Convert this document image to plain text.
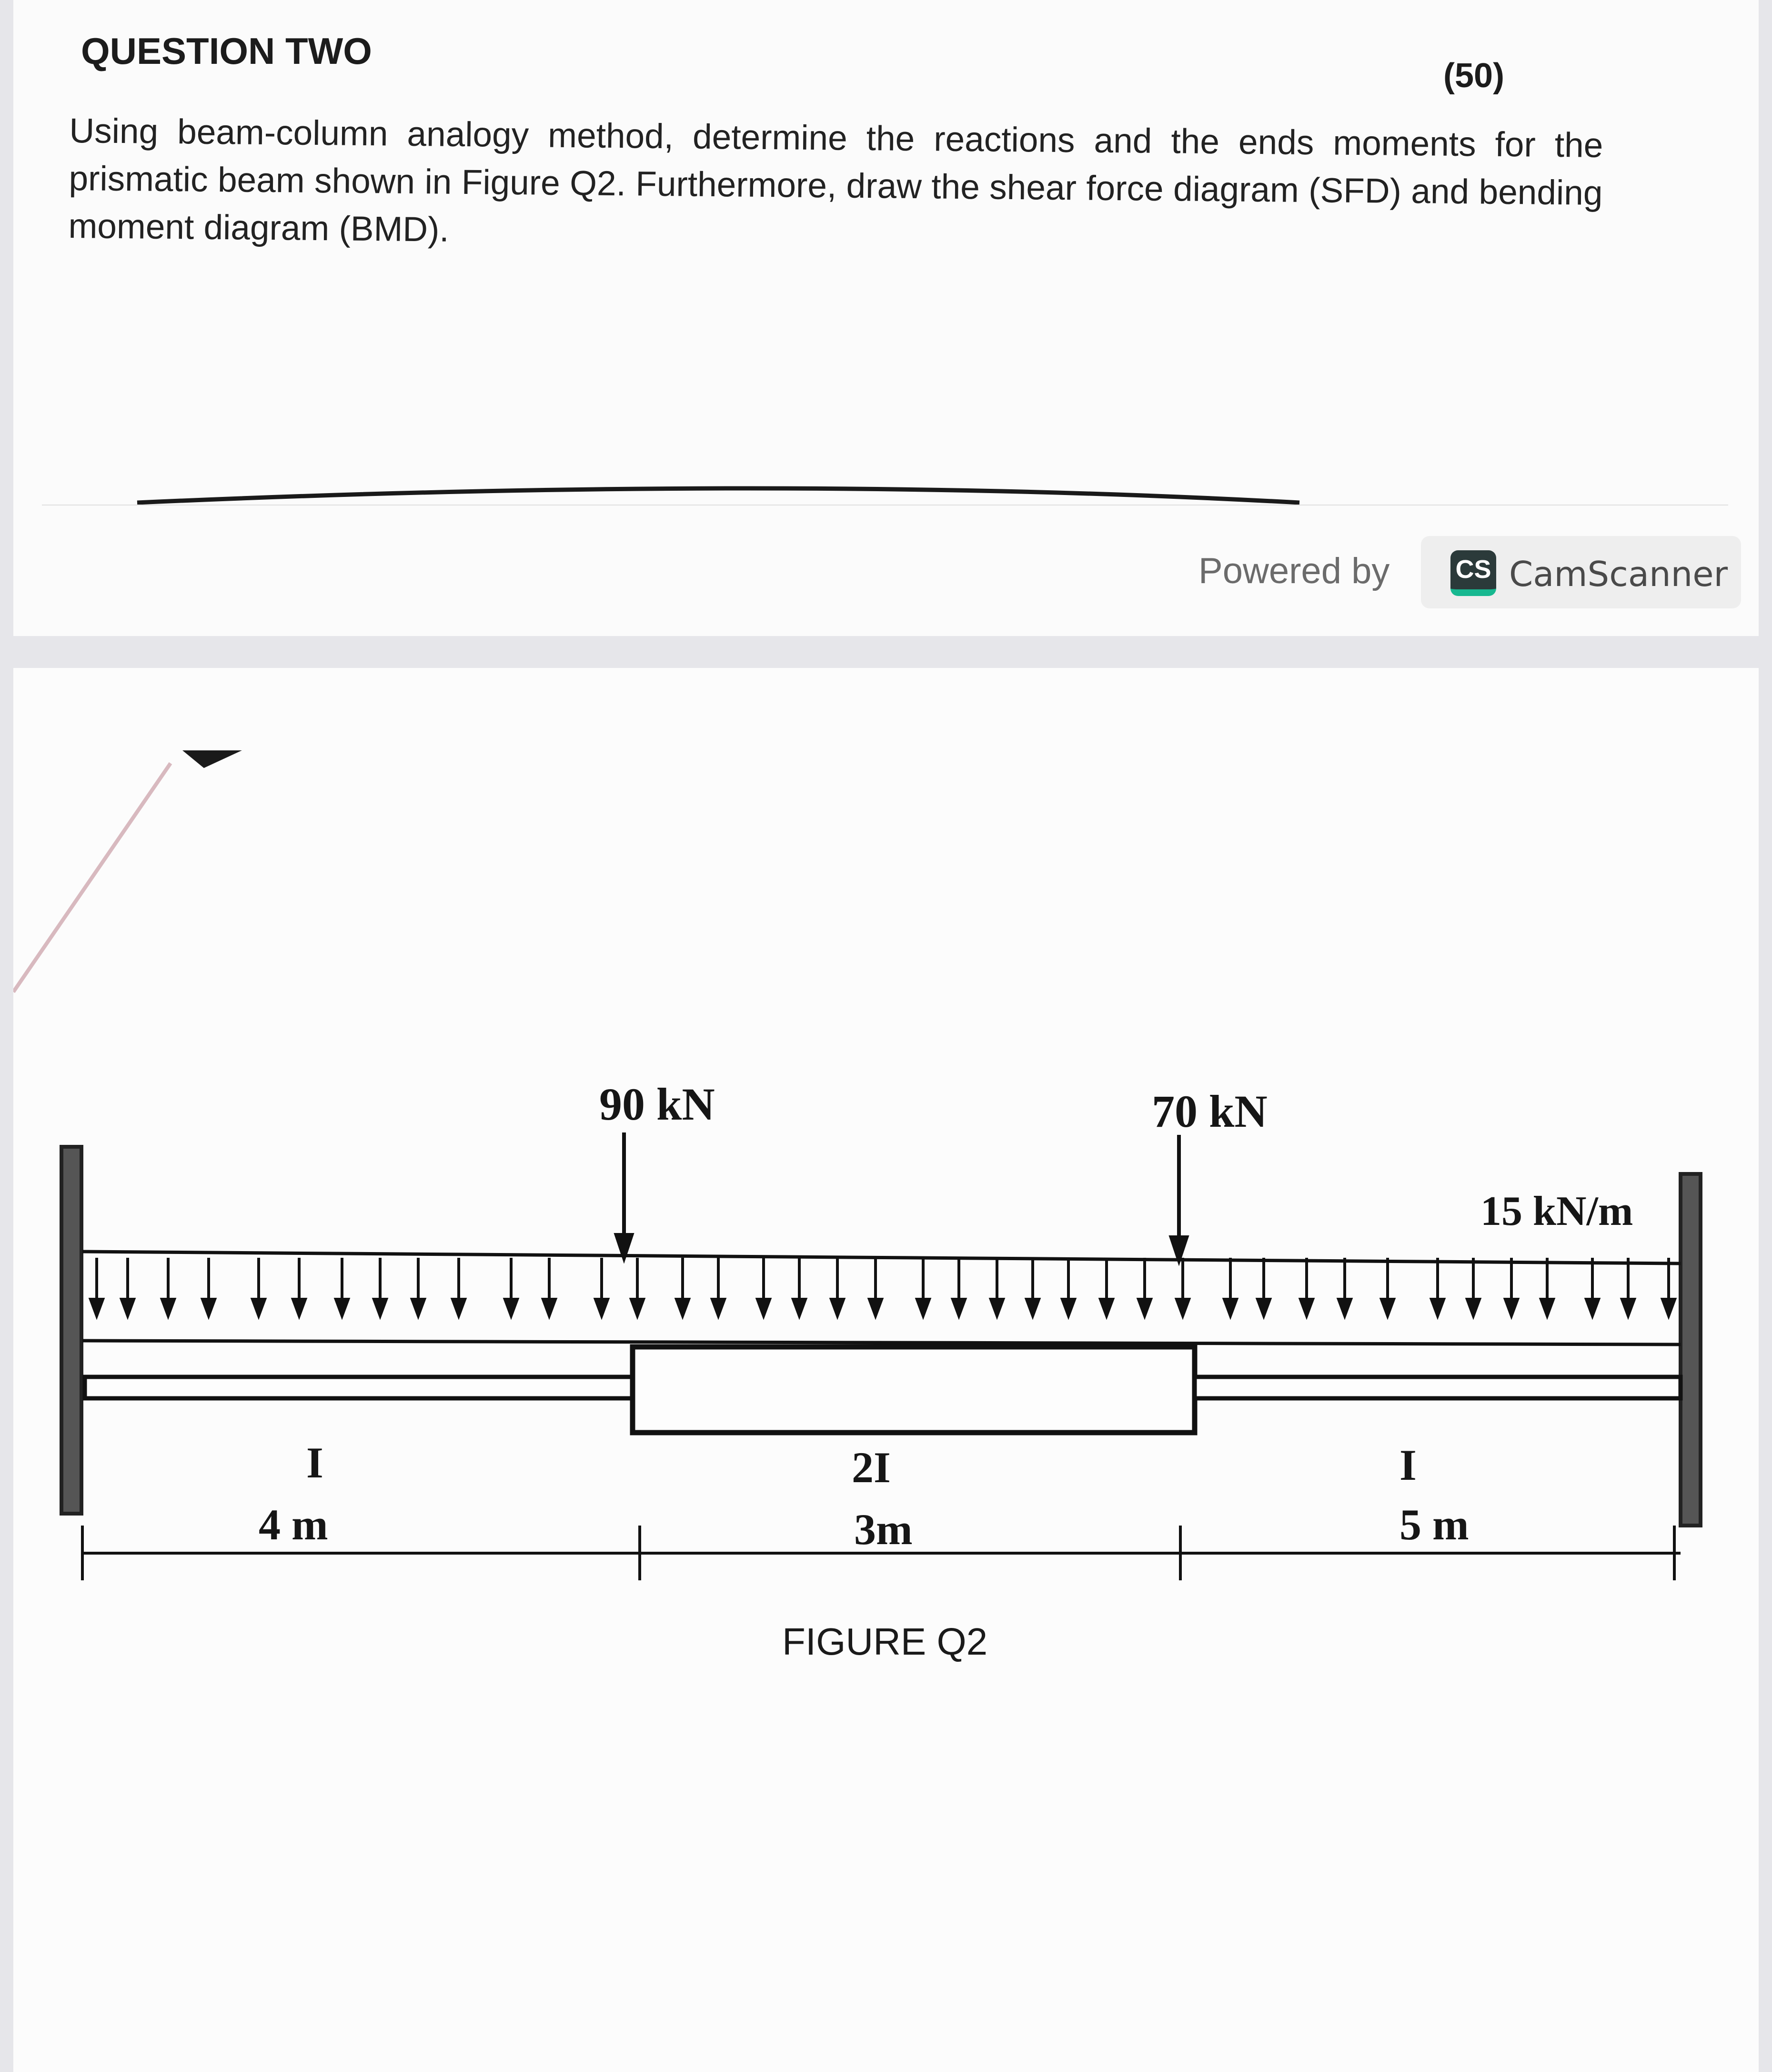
QUESTION TWO
(50)
Using beam-column analogy method, determine the reactions and the ends moments for the prismatic beam shown in Figure Q2. Furthermore, draw the shear force diagram (SFD) and bending moment diagram (BMD).
Powered by	CS CamScanner
90 kN	70 kN
15 kN/m
I	2I	I
4 m	3m	5 m
FIGURE Q2
